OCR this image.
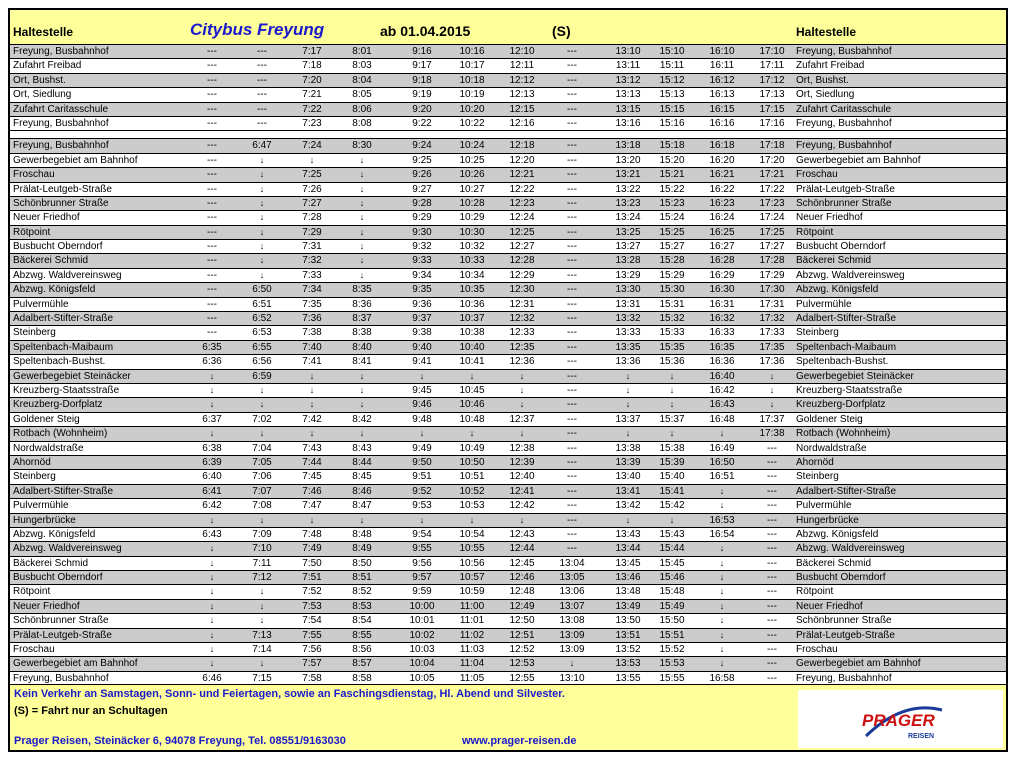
Haltestelle	Citybus Freyung	ab 01.04.2015	(S)	Haltestelle
Freyung, Busbahnhof	---	---	7:17	8:01	9:16	10:16	12:10	---	13:10	15:10	16:10	17:10	Freyung, Busbahnhof
Zufahrt Freibad	---	---	7:18	8:03	9:17	10:17	12:11	---	13:11	15:11	16:11	17:11	Zufahrt Freibad
Ort, Bushst.	---	---	7:20	8:04	9:18	10:18	12:12	---	13:12	15:12	16:12	17:12	Ort, Bushst.
Ort, Siedlung	---	---	7:21	8:05	9:19	10:19	12:13	---	13:13	15:13	16:13	17:13	Ort, Siedlung
Zufahrt Caritasschule	---	---	7:22	8:06	9:20	10:20	12:15	---	13:15	15:15	16:15	17:15	Zufahrt Caritasschule
Freyung, Busbahnhof	---	---	7:23	8:08	9:22	10:22	12:16	---	13:16	15:16	16:16	17:16	Freyung, Busbahnhof
Freyung, Busbahnhof	---	6:47	7:24	8:30	9:24	10:24	12:18	---	13:18	15:18	16:18	17:18	Freyung, Busbahnhof
Gewerbegebiet am Bahnhof	---	↓	↓	↓	9:25	10:25	12:20	---	13:20	15:20	16:20	17:20	Gewerbegebiet am Bahnhof
Froschau	---	↓	7:25	↓	9:26	10:26	12:21	---	13:21	15:21	16:21	17:21	Froschau
Prälat-Leutgeb-Straße	---	↓	7:26	↓	9:27	10:27	12:22	---	13:22	15:22	16:22	17:22	Prälat-Leutgeb-Straße
Schönbrunner Straße	---	↓	7:27	↓	9:28	10:28	12:23	---	13:23	15:23	16:23	17:23	Schönbrunner Straße
Neuer Friedhof	---	↓	7:28	↓	9:29	10:29	12:24	---	13:24	15:24	16:24	17:24	Neuer Friedhof
Rötpoint	---	↓	7:29	↓	9:30	10:30	12:25	---	13:25	15:25	16:25	17:25	Rötpoint
Busbucht Oberndorf	---	↓	7:31	↓	9:32	10:32	12:27	---	13:27	15:27	16:27	17:27	Busbucht Oberndorf
Bäckerei Schmid	---	↓	7:32	↓	9:33	10:33	12:28	---	13:28	15:28	16:28	17:28	Bäckerei Schmid
Abzwg. Waldvereinsweg	---	↓	7:33	↓	9:34	10:34	12:29	---	13:29	15:29	16:29	17:29	Abzwg. Waldvereinsweg
Abzwg. Königsfeld	---	6:50	7:34	8:35	9:35	10:35	12:30	---	13:30	15:30	16:30	17:30	Abzwg. Königsfeld
Pulvermühle	---	6:51	7:35	8:36	9:36	10:36	12:31	---	13:31	15:31	16:31	17:31	Pulvermühle
Adalbert-Stifter-Straße	---	6:52	7:36	8:37	9:37	10:37	12:32	---	13:32	15:32	16:32	17:32	Adalbert-Stifter-Straße
Steinberg	---	6:53	7:38	8:38	9:38	10:38	12:33	---	13:33	15:33	16:33	17:33	Steinberg
Speltenbach-Maibaum	6:35	6:55	7:40	8:40	9:40	10:40	12:35	---	13:35	15:35	16:35	17:35	Speltenbach-Maibaum
Speltenbach-Bushst.	6:36	6:56	7:41	8:41	9:41	10:41	12:36	---	13:36	15:36	16:36	17:36	Speltenbach-Bushst.
Gewerbegebiet Steinäcker	↓	6:59	↓	↓	↓	↓	↓	---	↓	↓	16:40	↓	Gewerbegebiet Steinäcker
Kreuzberg-Staatsstraße	↓	↓	↓	↓	9:45	10:45	↓	---	↓	↓	16:42	↓	Kreuzberg-Staatsstraße
Kreuzberg-Dorfplatz	↓	↓	↓	↓	9:46	10:46	↓	---	↓	↓	16:43	↓	Kreuzberg-Dorfplatz
Goldener Steig	6:37	7:02	7:42	8:42	9:48	10:48	12:37	---	13:37	15:37	16:48	17:37	Goldener Steig
Rotbach (Wohnheim)	↓	↓	↓	↓	↓	↓	↓	---	↓	↓	↓	17:38	Rotbach (Wohnheim)
Nordwaldstraße	6:38	7:04	7:43	8:43	9:49	10:49	12:38	---	13:38	15:38	16:49	---	Nordwaldstraße
Ahornöd	6:39	7:05	7:44	8:44	9:50	10:50	12:39	---	13:39	15:39	16:50	---	Ahornöd
Steinberg	6:40	7:06	7:45	8:45	9:51	10:51	12:40	---	13:40	15:40	16:51	---	Steinberg
Adalbert-Stifter-Straße	6:41	7:07	7:46	8:46	9:52	10:52	12:41	---	13:41	15:41	↓	---	Adalbert-Stifter-Straße
Pulvermühle	6:42	7:08	7:47	8:47	9:53	10:53	12:42	---	13:42	15:42	↓	---	Pulvermühle
Hungerbrücke	↓	↓	↓	↓	↓	↓	↓	---	↓	↓	16:53	---	Hungerbrücke
Abzwg. Königsfeld	6:43	7:09	7:48	8:48	9:54	10:54	12:43	---	13:43	15:43	16:54	---	Abzwg. Königsfeld
Abzwg. Waldvereinsweg	↓	7:10	7:49	8:49	9:55	10:55	12:44	---	13:44	15:44	↓	---	Abzwg. Waldvereinsweg
Bäckerei Schmid	↓	7:11	7:50	8:50	9:56	10:56	12:45	13:04	13:45	15:45	↓	---	Bäckerei Schmid
Busbucht Oberndorf	↓	7:12	7:51	8:51	9:57	10:57	12:46	13:05	13:46	15:46	↓	---	Busbucht Oberndorf
Rötpoint	↓	↓	7:52	8:52	9:59	10:59	12:48	13:06	13:48	15:48	↓	---	Rötpoint
Neuer Friedhof	↓	↓	7:53	8:53	10:00	11:00	12:49	13:07	13:49	15:49	↓	---	Neuer Friedhof
Schönbrunner Straße	↓	↓	7:54	8:54	10:01	11:01	12:50	13:08	13:50	15:50	↓	---	Schönbrunner Straße
Prälat-Leutgeb-Straße	↓	7:13	7:55	8:55	10:02	11:02	12:51	13:09	13:51	15:51	↓	---	Prälat-Leutgeb-Straße
Froschau	↓	7:14	7:56	8:56	10:03	11:03	12:52	13:09	13:52	15:52	↓	---	Froschau
Gewerbegebiet am Bahnhof	↓	↓	7:57	8:57	10:04	11:04	12:53	↓	13:53	15:53	↓	---	Gewerbegebiet am Bahnhof
Freyung, Busbahnhof	6:46	7:15	7:58	8:58	10:05	11:05	12:55	13:10	13:55	15:55	16:58	---	Freyung, Busbahnhof
Kein Verkehr an Samstagen, Sonn- und Feiertagen, sowie an Faschingsdienstag, Hl. Abend und Silvester.
(S) = Fahrt nur an Schultagen
Prager Reisen, Steinäcker 6, 94078 Freyung, Tel. 08551/9163030	www.prager-reisen.de
PRAGER
REISEN
